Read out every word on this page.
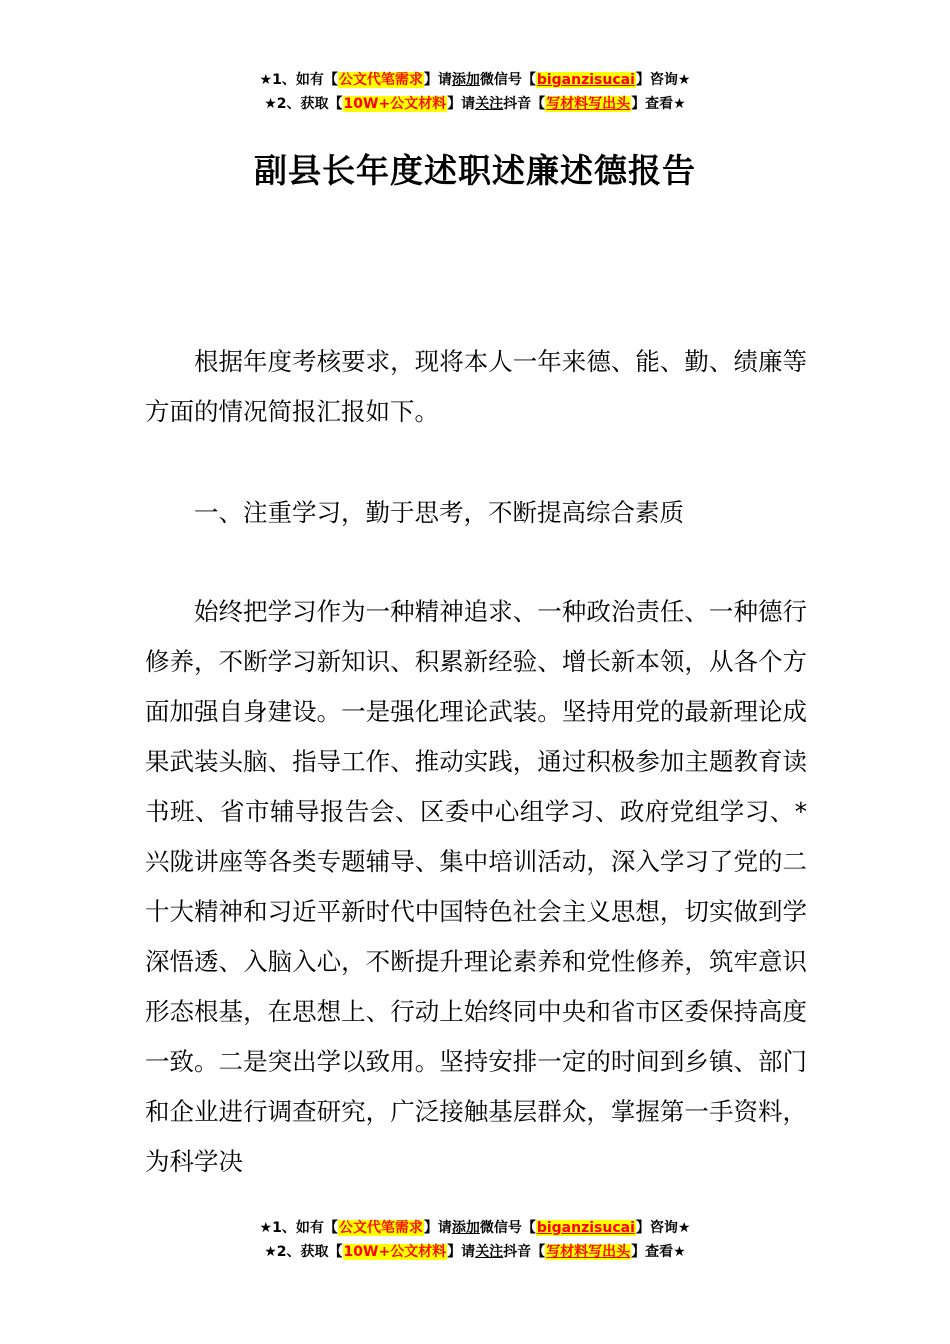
★1、如有【公文代笔需求】请添加微信号【biganzisucai】咨询★
★2、获取【10W+公文材料】请关注抖音【写材料写出头】查看★
副县长年度述职述廉述德报告

根据年度考核要求，现将本人一年来德、能、勤、绩廉等方面的情况简报汇报如下。

一、注重学习，勤于思考，不断提高综合素质

始终把学习作为一种精神追求、一种政治责任、一种德行修养，不断学习新知识、积累新经验、增长新本领，从各个方面加强自身建设。一是强化理论武装。坚持用党的最新理论成果武装头脑、指导工作、推动实践，通过积极参加主题教育读书班、省市辅导报告会、区委中心组学习、政府党组学习、*兴陇讲座等各类专题辅导、集中培训活动，深入学习了党的二十大精神和习近平新时代中国特色社会主义思想，切实做到学深悟透、入脑入心，不断提升理论素养和党性修养，筑牢意识形态根基，在思想上、行动上始终同中央和省市区委保持高度一致。二是突出学以致用。坚持安排一定的时间到乡镇、部门和企业进行调查研究，广泛接触基层群众，掌握第一手资料，为科学决

★1、如有【公文代笔需求】请添加微信号【biganzisucai】咨询★
★2、获取【10W+公文材料】请关注抖音【写材料写出头】查看★
